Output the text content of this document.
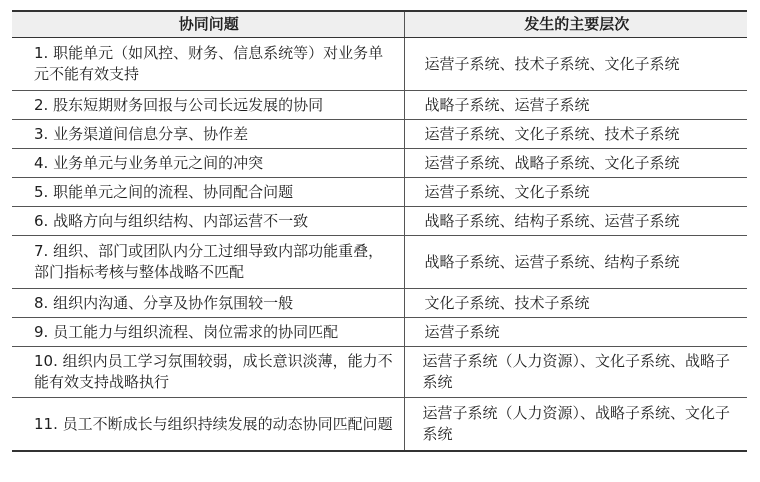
协同问题	发生的主要层次
1. 职能单元（如风控、财务、信息系统等）对业务单元不能有效支持	运营子系统、技术子系统、文化子系统
2. 股东短期财务回报与公司长远发展的协同	战略子系统、运营子系统
3. 业务渠道间信息分享、协作差	运营子系统、文化子系统、技术子系统
4. 业务单元与业务单元之间的冲突	运营子系统、战略子系统、文化子系统
5. 职能单元之间的流程、协同配合问题	运营子系统、文化子系统
6. 战略方向与组织结构、内部运营不一致	战略子系统、结构子系统、运营子系统
7. 组织、部门或团队内分工过细导致内部功能重叠，部门指标考核与整体战略不匹配	战略子系统、运营子系统、结构子系统
8. 组织内沟通、分享及协作氛围较一般	文化子系统、技术子系统
9. 员工能力与组织流程、岗位需求的协同匹配	运营子系统
10. 组织内员工学习氛围较弱，成长意识淡薄，能力不能有效支持战略执行	运营子系统（人力资源）、文化子系统、战略子系统
11. 员工不断成长与组织持续发展的动态协同匹配问题	运营子系统（人力资源）、战略子系统、文化子系统
